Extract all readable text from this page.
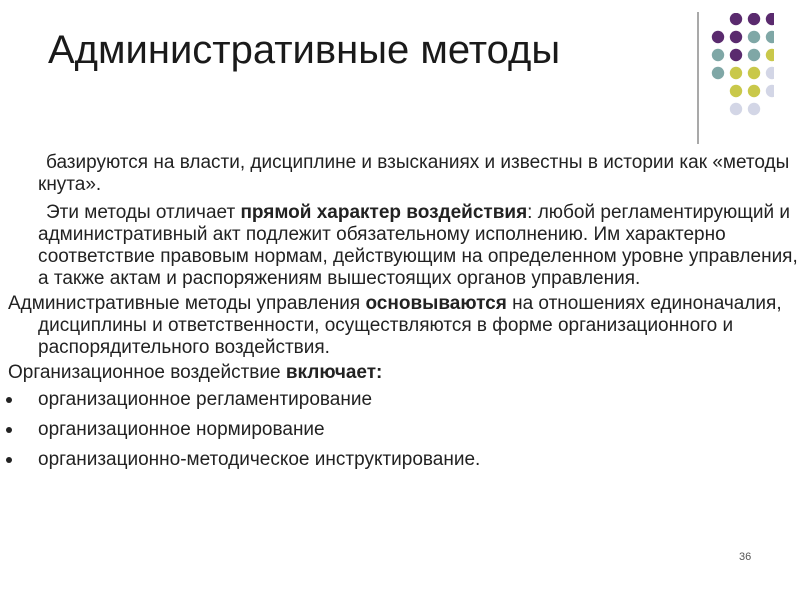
Административные методы

базируются на власти, дисциплине и взысканиях и известны в истории как «методы кнута».

Эти методы отличает прямой характер воздействия: любой регламентирующий и административный акт подлежит обязательному исполнению. Им характерно соответствие правовым нормам, действующим на определенном уровне управления, а также актам и распоряжениям вышестоящих органов управления.

Административные методы управления основываются на отношениях единоначалия, дисциплины и ответственности, осуществляются в форме организационного и распорядительного воздействия.

Организационное воздействие включает:

организационное регламентирование
организационное нормирование
организационно-методическое инструктирование.
36
